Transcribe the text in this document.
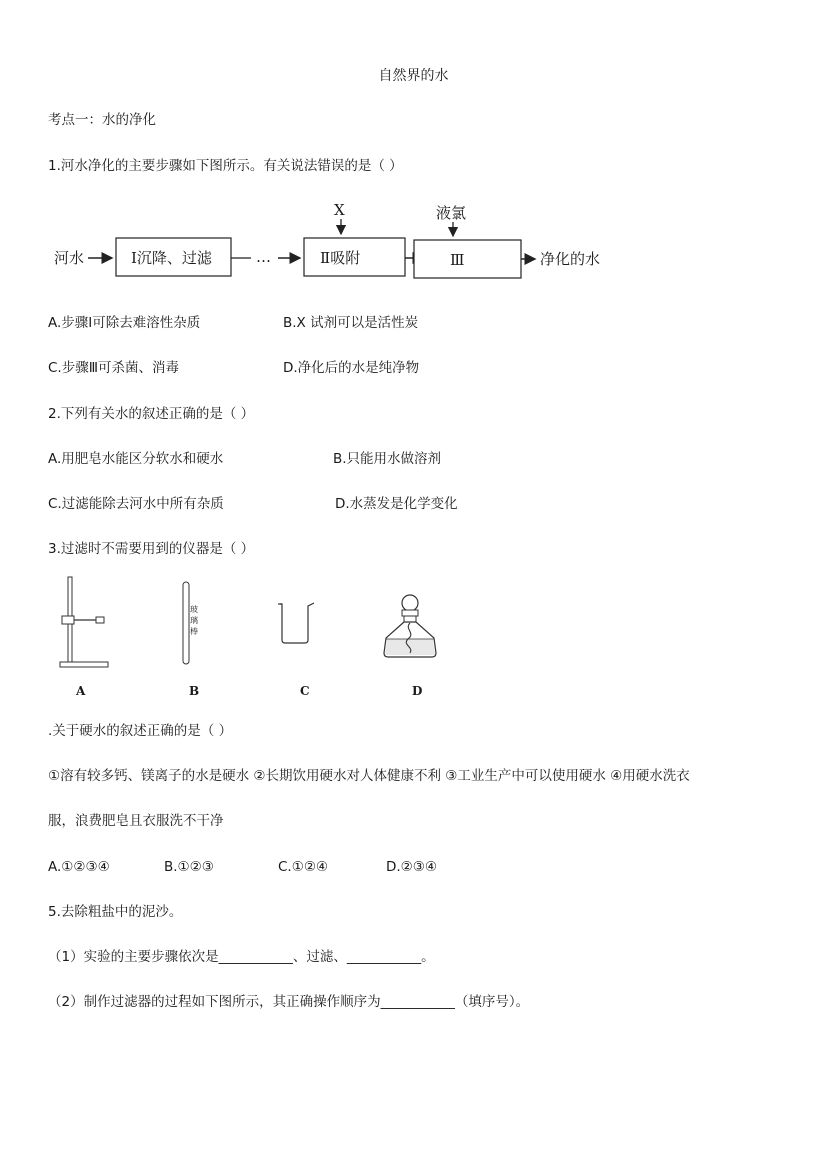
自然界的水
考点一：水的净化
1.河水净化的主要步骤如下图所示。有关说法错误的是（ ）
河水	Ⅰ沉降、过滤	…
X
Ⅱ吸附
液氯
Ⅲ	净化的水
A.步骤Ⅰ可除去难溶性杂质	B.X 试剂可以是活性炭
C.步骤Ⅲ可杀菌、消毒	D.净化后的水是纯净物
2.下列有关水的叙述正确的是（ ）
A.用肥皂水能区分软水和硬水	B.只能用水做溶剂
C.过滤能除去河水中所有杂质	D.水蒸发是化学变化
3.过滤时不需要用到的仪器是（ ）
A
玻璃棒
B	C	D
.关于硬水的叙述正确的是（ ）
①溶有较多钙、镁离子的水是硬水 ②长期饮用硬水对人体健康不利 ③工业生产中可以使用硬水 ④用硬水洗衣
服，浪费肥皂且衣服洗不干净
A.①②③④	B.①②③	C.①②④	D.②③④
5.去除粗盐中的泥沙。
（1）实验的主要步骤依次是___________、过滤、___________。
（2）制作过滤器的过程如下图所示，其正确操作顺序为___________（填序号）。
